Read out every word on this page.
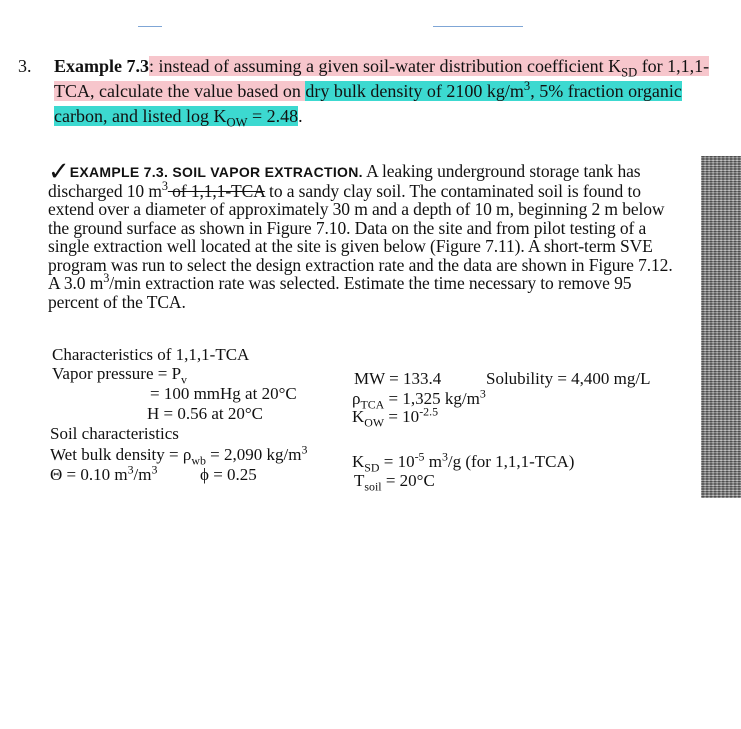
3. Example 7.3: instead of assuming a given soil-water distribution coefficient $K_{SD}$ for 1,1,1-TCA, calculate the value based on dry bulk density of 2100 $kg/m^3$, 5% fraction organic carbon, and listed $\log K_{OW} = 2.48$.
✓EXAMPLE 7.3. SOIL VAPOR EXTRACTION. A leaking underground storage tank has discharged 10 $m^3$ of 1,1,1-TCA to a sandy clay soil. The contaminated soil is found to extend over a diameter of approximately 30 m and a depth of 10 m, beginning 2 m below the ground surface as shown in Figure 7.10. Data on the site and from pilot testing of a single extraction well located at the site is given below (Figure 7.11). A short-term SVE program was run to select the design extraction rate and the data are shown in Figure 7.12. A 3.0 $m^3/\min$ extraction rate was selected. Estimate the time necessary to remove 95 percent of the TCA.
Characteristics of 1,1,1-TCA
Vapor pressure = $P_v$
= 100 mmHg at 20°C
H = 0.56 at 20°C
Soil characteristics
Wet bulk density = $\rho_{wb} = 2,090$ $kg/m^3$
Θ = 0.10 $m^3/m^3$	ϕ = 0.25
MW = 133.4	Solubility = 4,400 mg/L
$\rho_{TCA} = 1,325$ $kg/m^3$
$K_{OW} = 10^{-2.5}$
$K_{SD} = 10^{-5}$ $m^3/g$ (for 1,1,1-TCA)
$T_{soil} = 20^\circ C$
